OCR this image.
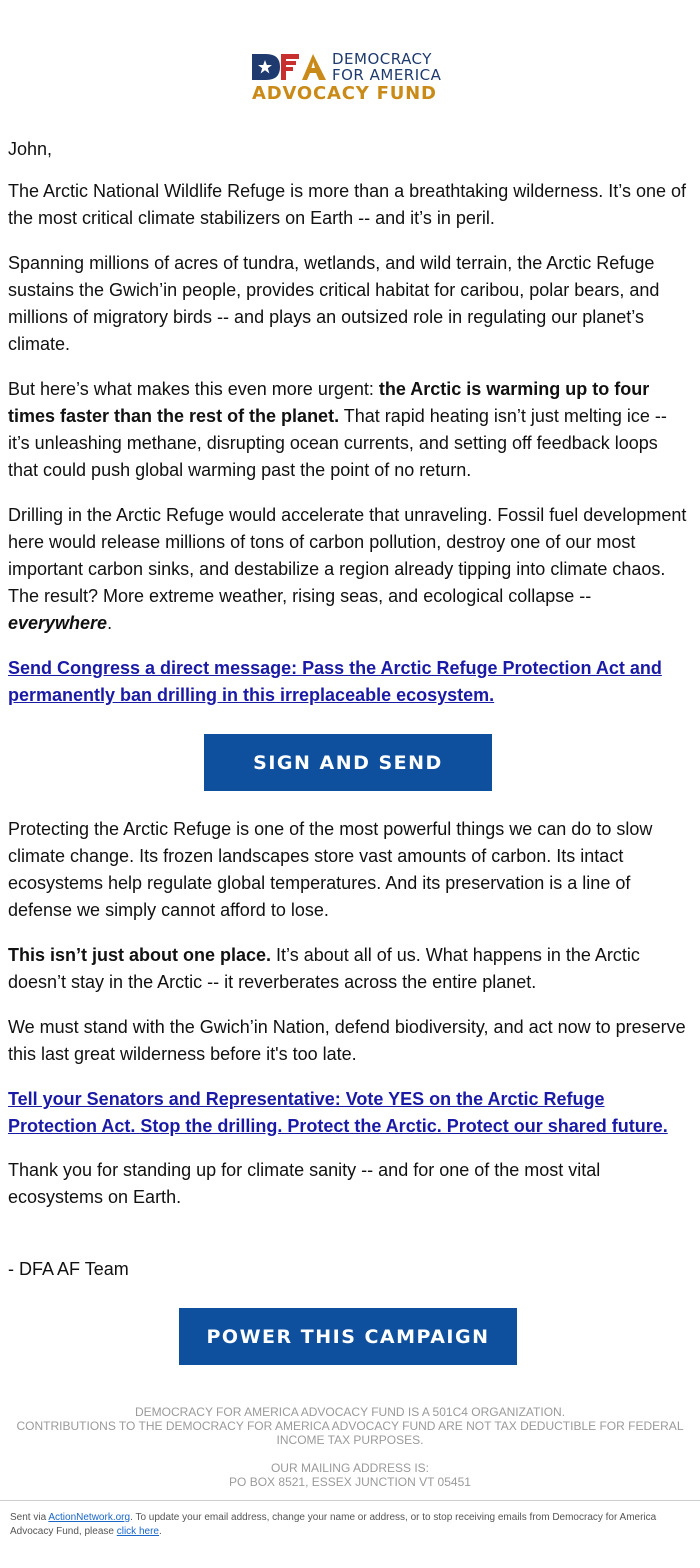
DEMOCRACY
FOR AMERICA
ADVOCACY FUND

John,

The Arctic National Wildlife Refuge is more than a breathtaking wilderness. It’s one of the most critical climate stabilizers on Earth -- and it’s in peril.

Spanning millions of acres of tundra, wetlands, and wild terrain, the Arctic Refuge sustains the Gwich’in people, provides critical habitat for caribou, polar bears, and millions of migratory birds -- and plays an outsized role in regulating our planet’s climate.

But here’s what makes this even more urgent: the Arctic is warming up to four times faster than the rest of the planet. That rapid heating isn’t just melting ice -- it’s unleashing methane, disrupting ocean currents, and setting off feedback loops that could push global warming past the point of no return.

Drilling in the Arctic Refuge would accelerate that unraveling. Fossil fuel development here would release millions of tons of carbon pollution, destroy one of our most important carbon sinks, and destabilize a region already tipping into climate chaos. The result? More extreme weather, rising seas, and ecological collapse -- everywhere.

Send Congress a direct message: Pass the Arctic Refuge Protection Act and permanently ban drilling in this irreplaceable ecosystem.

SIGN AND SEND

Protecting the Arctic Refuge is one of the most powerful things we can do to slow climate change. Its frozen landscapes store vast amounts of carbon. Its intact ecosystems help regulate global temperatures. And its preservation is a line of defense we simply cannot afford to lose.

This isn’t just about one place. It’s about all of us. What happens in the Arctic doesn’t stay in the Arctic -- it reverberates across the entire planet.

We must stand with the Gwich’in Nation, defend biodiversity, and act now to preserve this last great wilderness before it's too late.

Tell your Senators and Representative: Vote YES on the Arctic Refuge Protection Act. Stop the drilling. Protect the Arctic. Protect our shared future.

Thank you for standing up for climate sanity -- and for one of the most vital ecosystems on Earth.

- DFA AF Team

POWER THIS CAMPAIGN
DEMOCRACY FOR AMERICA ADVOCACY FUND IS A 501C4 ORGANIZATION.
CONTRIBUTIONS TO THE DEMOCRACY FOR AMERICA ADVOCACY FUND ARE NOT TAX DEDUCTIBLE FOR FEDERAL INCOME TAX PURPOSES.
OUR MAILING ADDRESS IS:
PO BOX 8521, ESSEX JUNCTION VT 05451
Sent via ActionNetwork.org. To update your email address, change your name or address, or to stop receiving emails from Democracy for America Advocacy Fund, please click here.
